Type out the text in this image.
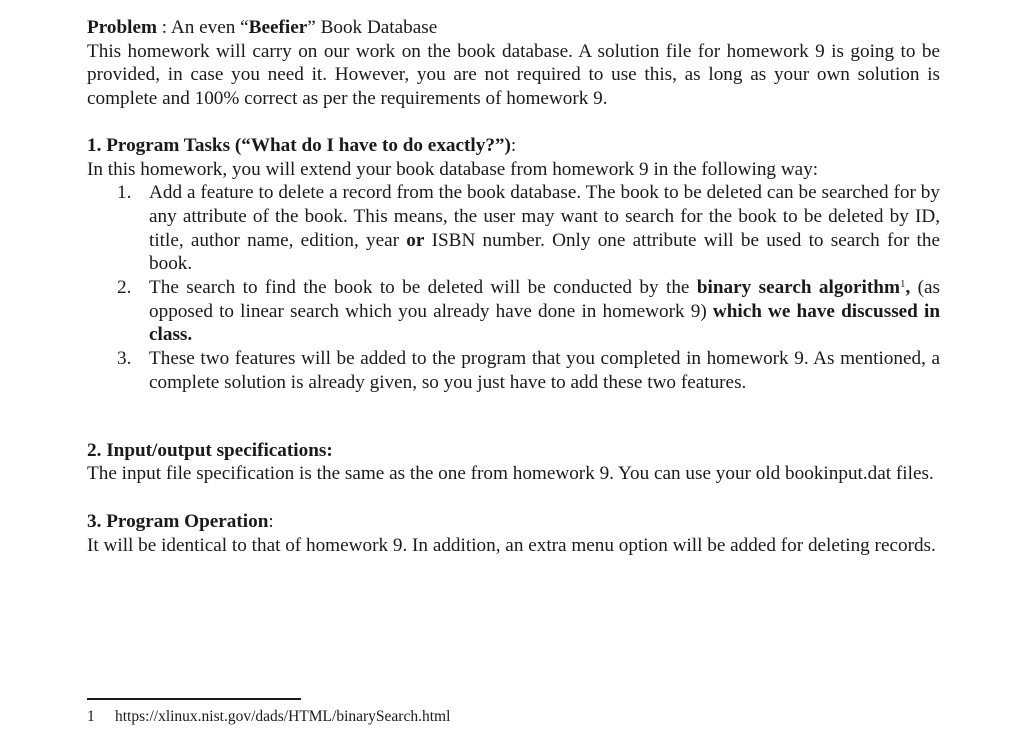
Problem : An even “Beefier” Book Database

This homework will carry on our work on the book database. A solution file for homework 9 is going to be provided, in case you need it. However, you are not required to use this, as long as your own solution is complete and 100% correct as per the requirements of homework 9.

1. Program Tasks (“What do I have to do exactly?”):

In this homework, you will extend your book database from homework 9 in the following way:

1. Add a feature to delete a record from the book database. The book to be deleted can be searched for by any attribute of the book. This means, the user may want to search for the book to be deleted by ID, title, author name, edition, year or ISBN number. Only one attribute will be used to search for the book.
2. The search to find the book to be deleted will be conducted by the binary search algorithm$^1$, (as opposed to linear search which you already have done in homework 9) which we have discussed in class.
3. These two features will be added to the program that you completed in homework 9. As mentioned, a complete solution is already given, so you just have to add these two features.

2. Input/output specifications:

The input file specification is the same as the one from homework 9. You can use your old bookinput.dat files.

3. Program Operation:

It will be identical to that of homework 9. In addition, an extra menu option will be added for deleting records.

1 https://xlinux.nist.gov/dads/HTML/binarySearch.html
